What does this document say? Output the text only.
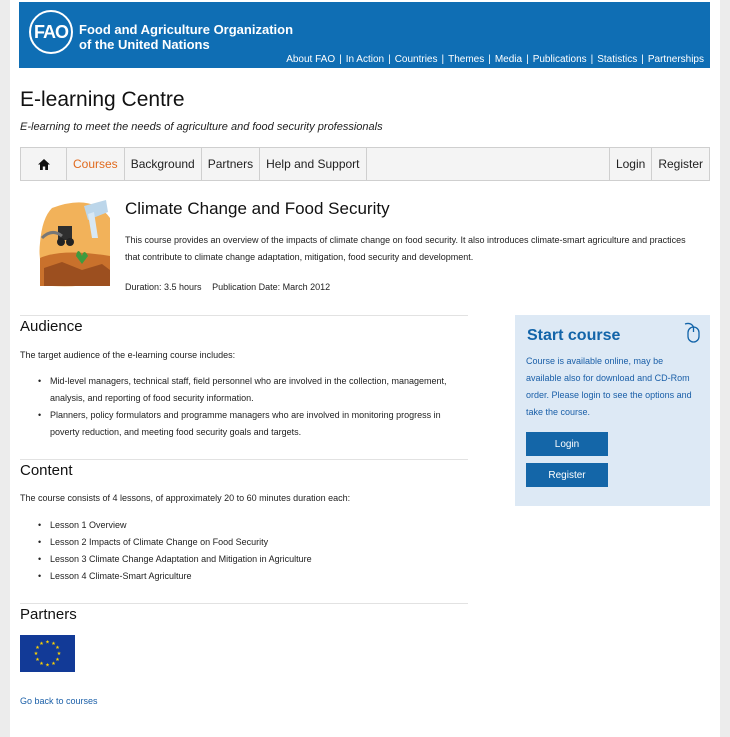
FAO Food and Agriculture Organization
of the United Nations
About FAO | In Action | Countries | Themes | Media | Publications | Statistics | Partnerships
E-learning Centre
E-learning to meet the needs of agriculture and food security professionals
Courses	Background	Partners	Help and Support	Login	Register
Climate Change and Food Security
This course provides an overview of the impacts of climate change on food security. It also introduces climate-smart agriculture and practices that contribute to climate change adaptation, mitigation, food security and development.
Duration: 3.5 hours Publication Date: March 2012
Audience
The target audience of the e-learning course includes:
• Mid-level managers, technical staff, field personnel who are involved in the collection, management, analysis, and reporting of food security information.
• Planners, policy formulators and programme managers who are involved in monitoring progress in poverty reduction, and meeting food security goals and targets.
Content
The course consists of 4 lessons, of approximately 20 to 60 minutes duration each:
• Lesson 1 Overview
• Lesson 2 Impacts of Climate Change on Food Security
• Lesson 3 Climate Change Adaptation and Mitigation in Agriculture
• Lesson 4 Climate-Smart Agriculture
Partners
★ ★
★
★
★
★
★
★
★
★
★
★
Go back to courses
Start course
Course is available online, may be available also for download and CD-Rom order. Please login to see the options and take the course.
Login
Register
